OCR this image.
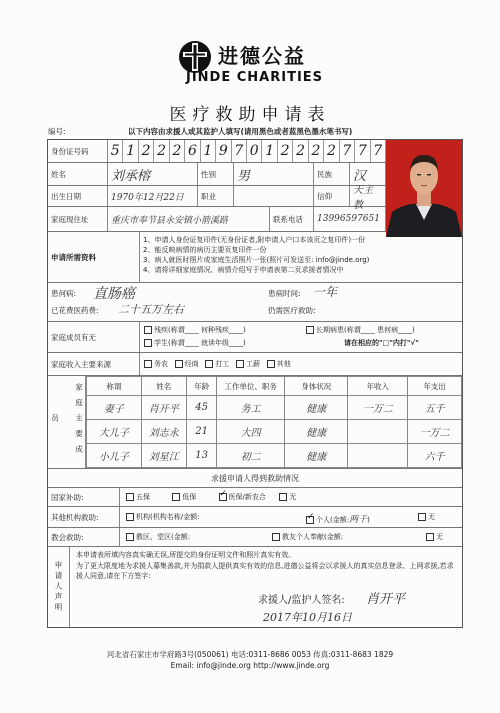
进德公益
JINDE CHARITIES
医疗救助申请表
编号:	以下内容由求援人或其监护人填写(请用黑色或者蓝黑色墨水笔书写)
身份证号码 5 1 2 2 2 6 1 9 7 0 1 2 2 2 2 7 7 7
姓名	刘承榕	性别 男	民族 汉
出生日期	1970年12月22日	职业	信仰	天主教
家庭现住址	重庆市奉节县永安镇小箭溪路	联系电话	13996597651
申请所需资料
1、申请人身份证复印件(无身份证者,附申请人户口本该页之复印件)一份
2、能反映病情的病历主要页复印件一份
3、病人就医时照片或家庭生活照片一张(照片可发送至: info@jinde.org)
4、请将详细家庭情况、病情介绍写于申请表第二页求援者情况中
患何病: 直肠癌	患病时间: 一年
已花费医药费: 二十五万左右	仍需医疗救助:
家庭成员有无
残疾(称谓____ 何种残疾____)	长期病患(称谓____ 患何病____)
学生(称谓____ 就读年级____)	请在相应的"□"内打"√"
家庭收入主要来源	务农 经商 打工 工薪 其他
家庭主要成员
称谓	姓名	年龄	工作单位、职务	身体状况	年收入	年支出
妻子	肖开平	45	务工	健康	一万二	五千
大儿子	刘志永	21	大四	健康		一万二
小儿子	刘星江	13	初二	健康		六千
求援申请人得到救助情况
国家补助:	五保	低保 ✓	医保/新农合	无
其他机构救助:	机构(机构名称/金额: ✓	个人(金额:两千)	无
教会救助:	教区、堂区(金额:	教友个人奉献(金额:	无
申请人声明
本申请表所填内容真实确无误,所提交的身份证明文件和照片真实有效。
为了更大限度地为求援人募集善款,并为捐款人提供真实有效的信息,进德公益将会以求援人的真实信息登录、上网求援,若求援人同意,请在下方签字:
求援人/监护人签名: 肖开平
2017年10月16日
河北省石家庄市学府路3号(050061) 电话:0311-8686 0053 传真:0311-8683 1829
Email: info@jinde.org http://www.jinde.org
